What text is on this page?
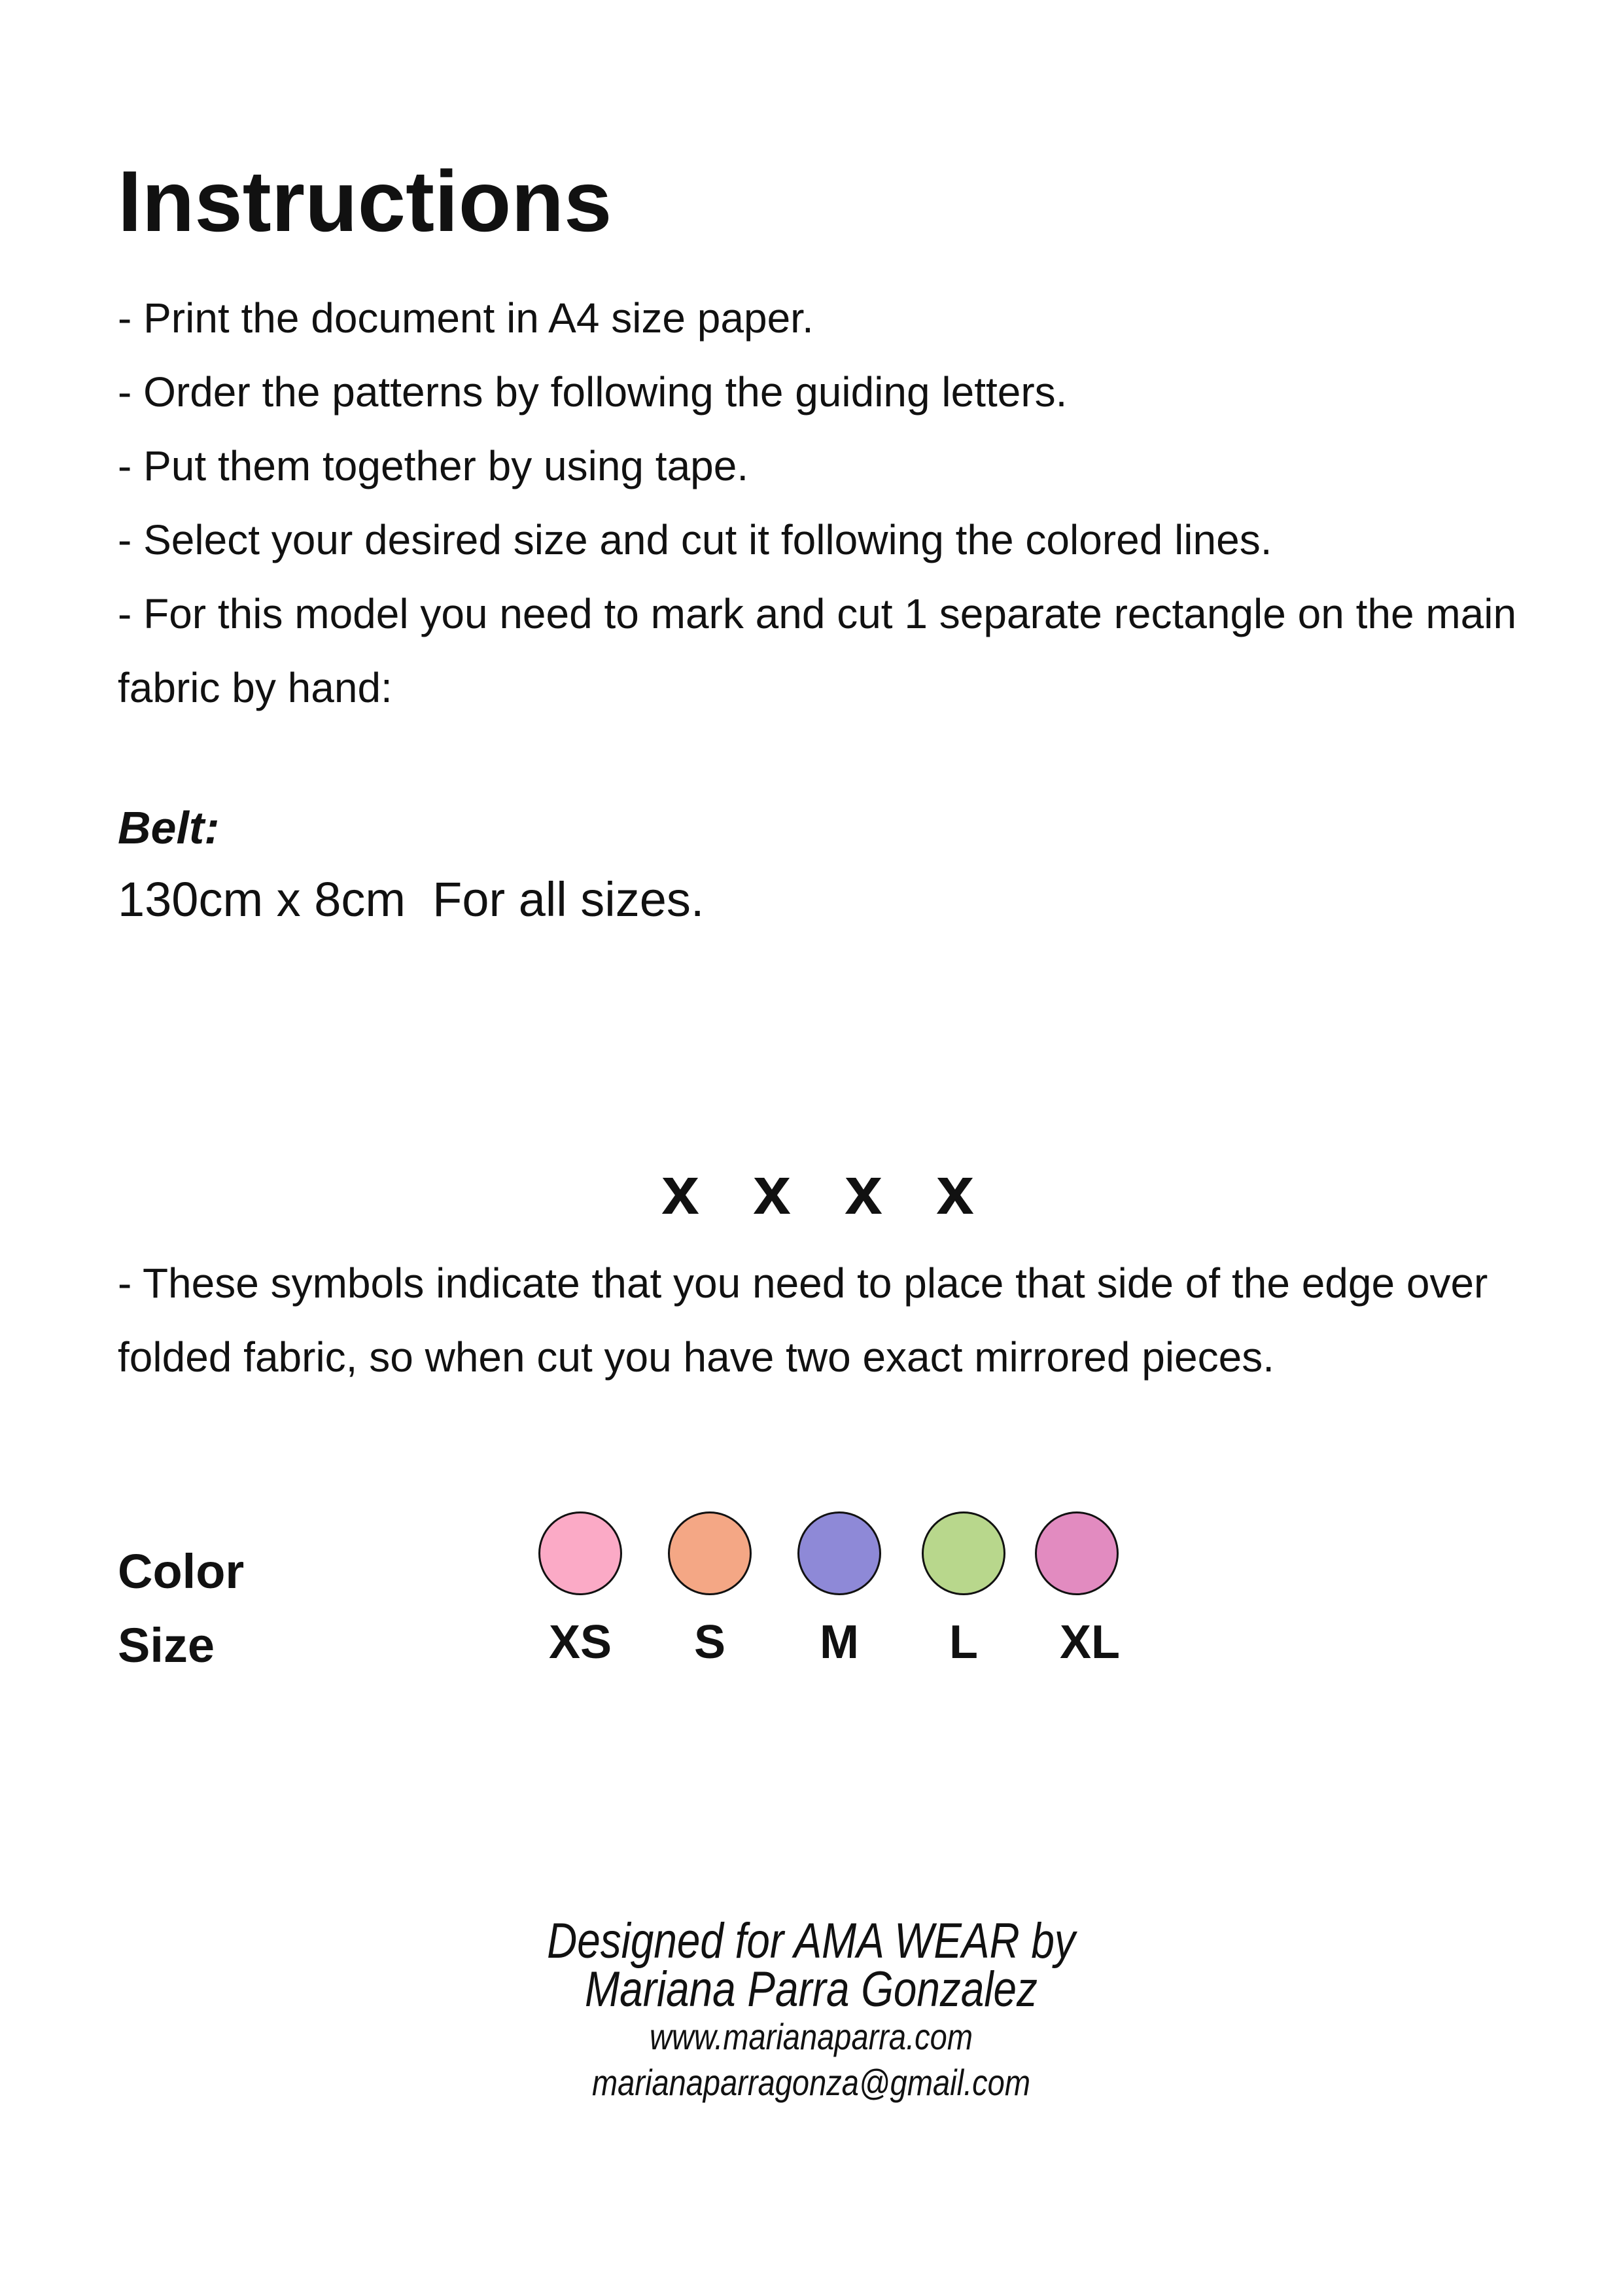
Instructions
- Print the document in A4 size paper.
- Order the patterns by following the guiding letters.
- Put them together by using tape.
- Select your desired size and cut it following the colored lines.
- For this model you need to mark and cut 1 separate rectangle on the main fabric by hand:
Belt:
130cm x 8cm  For all sizes.
x x x x

- These symbols indicate that you need to place that side of the edge over folded fabric, so when cut you have two exact mirrored pieces.

Color
Size	XS	S	M	L	XL
Designed for AMA WEAR by
Mariana Parra Gonzalez
www.marianaparra.com
marianaparragonza@gmail.com
